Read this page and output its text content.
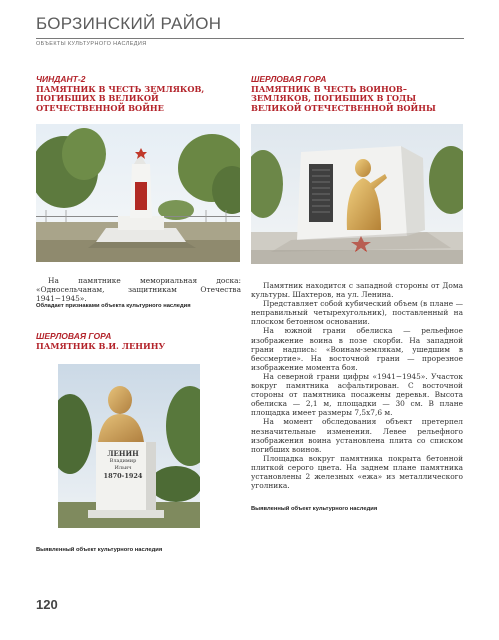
БОРЗИНСКИЙ РАЙОН
ОБЪЕКТЫ КУЛЬТУРНОГО НАСЛЕДИЯ
ЧИНДАНТ-2
ПАМЯТНИК В ЧЕСТЬ ЗЕМЛЯКОВ, ПОГИБШИХ В ВЕЛИКОЙ ОТЕЧЕСТВЕННОЙ ВОЙНЕ

На памятнике мемориальная доска: «Односельчанам, защитникам Отечества 1941−1945».

Обладает признаками объекта культурного наследия
ШЕРЛОВАЯ ГОРА
ПАМЯТНИК В.И. ЛЕНИНУ
ЛЕНИН
Владимир
Ильич
1870-1924
Выявленный объект культурного наследия
ШЕРЛОВАЯ ГОРА
ПАМЯТНИК В ЧЕСТЬ ВОИНОВ–ЗЕМЛЯКОВ, ПОГИБШИХ В ГОДЫ ВЕЛИКОЙ ОТЕЧЕСТВЕННОЙ ВОЙНЫ

Памятник находится с западной стороны от Дома культуры. Шахтеров, на ул. Ленина.

Представляет собой кубический объем (в плане — неправильный четырехугольник), поставленный на плоском бетонном основании.

На южной грани обелиска — рельефное изображение воина в позе скорби. На западной грани надпись: «Воинам-землякам, ушедшим в бессмертие». На восточной грани — прорезное изображение момента боя.

На северной грани цифры «1941−1945». Участок вокруг памятника асфальтирован. С восточной стороны от памятника посажены деревья. Высота обелиска — 2,1 м, площадки — 30 см. В плане площадка имеет размеры 7,5х7,6 м.

На момент обследования объект претерпел незначительные изменения. Левее рельефного изображения воина установлена плита со списком погибших воинов.

Площадка вокруг памятника покрыта бетонной плиткой серого цвета. На заднем плане памятника установлены 2 железных «ежа» из металлического уголника.

Выявленный объект культурного наследия
120
